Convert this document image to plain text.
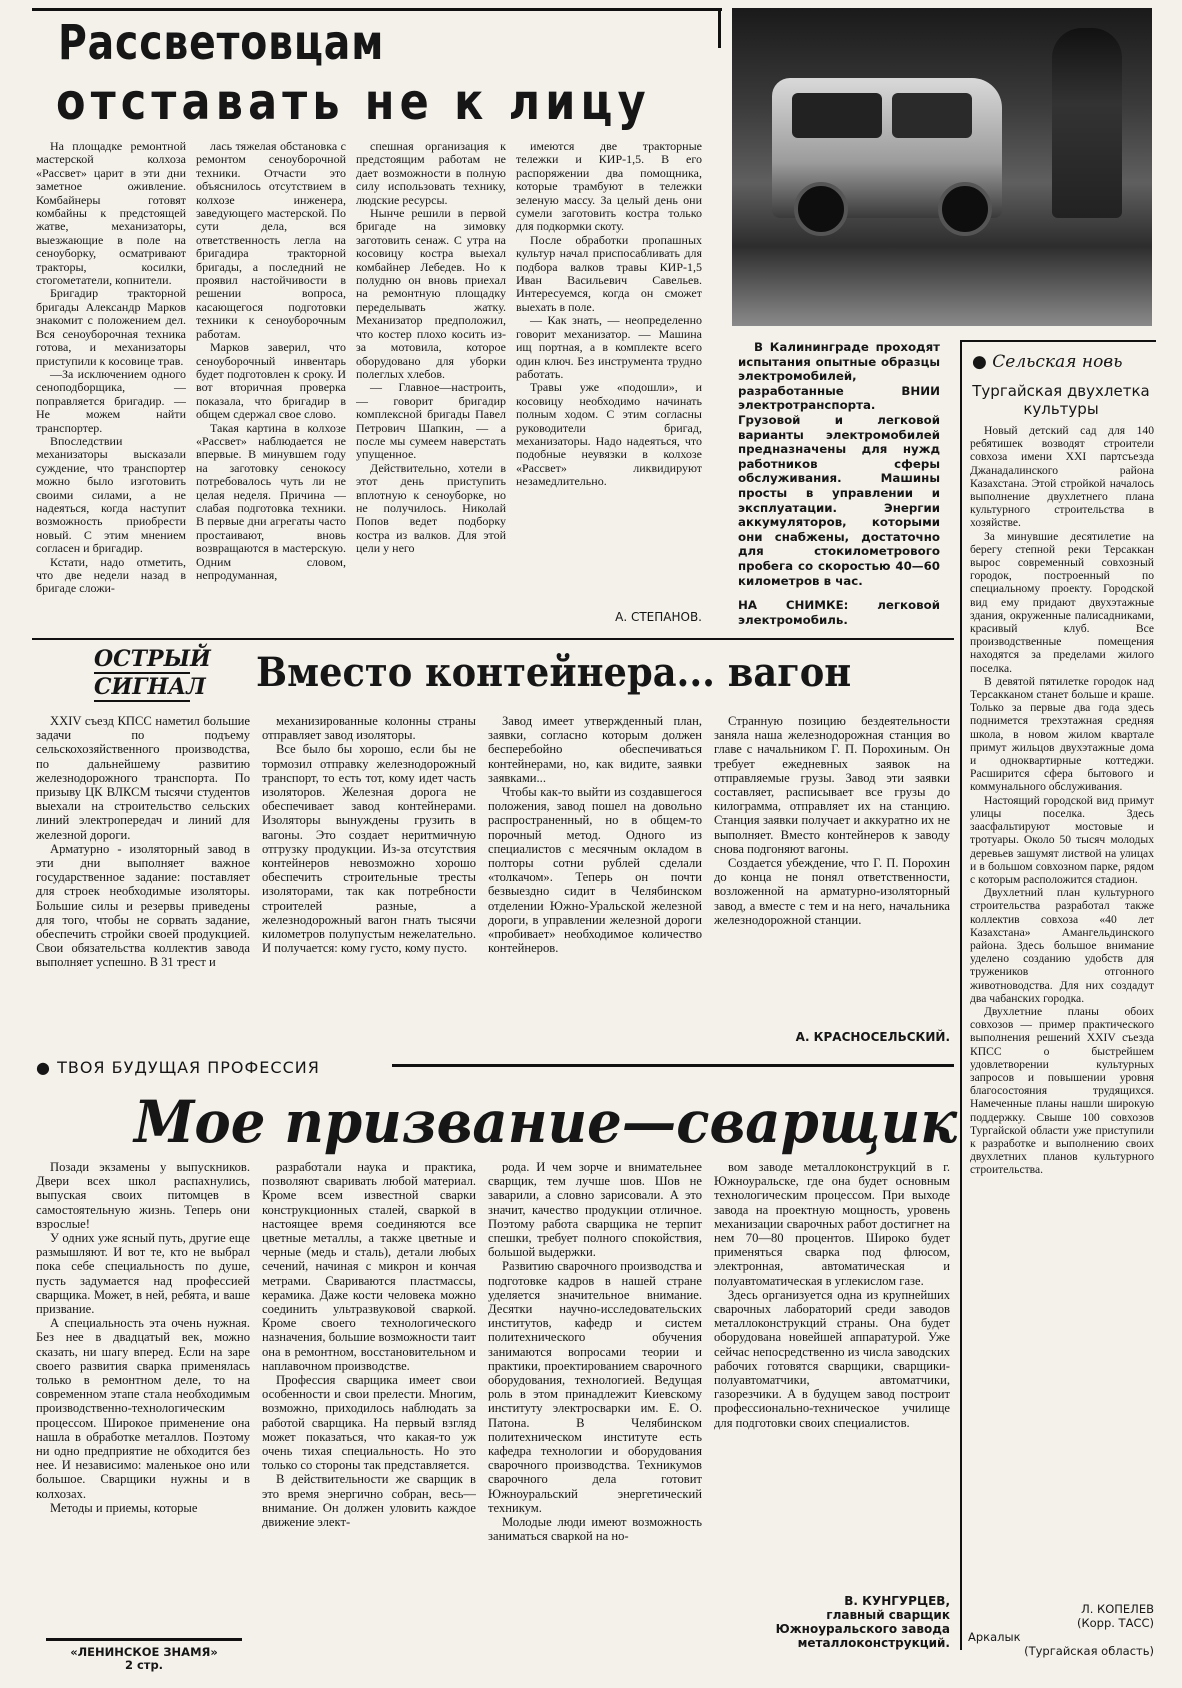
Рассветовцам
отставать не к лицу

На площадке ремонтной мастерской колхоза «Рассвет» царит в эти дни заметное оживление. Комбайнеры готовят комбайны к предстоящей жатве, механизаторы, выезжающие в поле на сеноуборку, осматривают тракторы, косилки, стогометатели, копнители.

Бригадир тракторной бригады Александр Марков знакомит с положением дел. Вся сеноуборочная техника готова, и механизаторы приступили к косовице трав.

—За исключением одного сеноподборщика, — поправляется бригадир. — Не можем найти транспортер.

Впоследствии механизаторы высказали суждение, что транспортер можно было изготовить своими силами, а не надеяться, когда наступит возможность приобрести новый. С этим мнением согласен и бригадир.

Кстати, надо отметить, что две недели назад в бригаде сложи-

лась тяжелая обстановка с ремонтом сеноуборочной техники. Отчасти это объяснилось отсутствием в колхозе инженера, заведующего мастерской. По сути дела, вся ответственность легла на бригадира тракторной бригады, а последний не проявил настойчивости в решении вопроса, касающегося подготовки техники к сеноуборочным работам.

Марков заверил, что сеноуборочный инвентарь будет подготовлен к сроку. И вот вторичная проверка показала, что бригадир в общем сдержал свое слово.

Такая картина в колхозе «Рассвет» наблюдается не впервые. В минувшем году на заготовку сенокосу потребовалось чуть ли не целая неделя. Причина — слабая подготовка техники. В первые дни агрегаты часто простаивают, вновь возвращаются в мастерскую. Одним словом, непродуманная,

спешная организация к предстоящим работам не дает возможности в полную силу использовать технику, людские ресурсы.

Нынче решили в первой бригаде на зимовку заготовить сенаж. С утра на косовицу костра выехал комбайнер Лебедев. Но к полудню он вновь приехал на ремонтную площадку переделывать жатку. Механизатор предположил, что костер плохо косить из-за мотовила, которое оборудовано для уборки полеглых хлебов.

— Главное—настроить, — говорит бригадир комплексной бригады Павел Петрович Шапкин, — а после мы сумеем наверстать упущенное.

Действительно, хотели в этот день приступить вплотную к сеноуборке, но не получилось. Николай Попов ведет подборку костра из валков. Для этой цели у него

имеются две тракторные тележки и КИР-1,5. В его распоряжении два помощника, которые трамбуют в тележки зеленую массу. За целый день они сумели заготовить костра только для подкормки скоту.

После обработки пропашных культур начал приспосабливать для подбора валков травы КИР-1,5 Иван Васильевич Савельев. Интересуемся, когда он сможет выехать в поле.

— Как знать, — неопределенно говорит механизатор. — Машина ищ портная, а в комплекте всего один ключ. Без инструмента трудно работать.

Травы уже «подошли», и косовицу необходимо начинать полным ходом. С этим согласны руководители бригад, механизаторы. Надо надеяться, что подобные неувязки в колхозе «Рассвет» ликвидируют незамедлительно.

А. СТЕПАНОВ.
В Калининграде проходят испытания опытные образцы электромобилей, разработанные ВНИИ электротранспорта. Грузовой и легковой варианты электромобилей предназначены для нужд работников сферы обслуживания. Машины просты в управлении и эксплуатации. Энергии аккумуляторов, которыми они снабжены, достаточно для стокилометрового пробега со скоростью 40—60 километров в час.
НА СНИМКЕ: легковой электромобиль.
● Сельская новь
Тургайская двухлетка культуры

Новый детский сад для 140 ребятишек возводят строители совхоза имени XXI партсъезда Джанадалинского района Казахстана. Этой стройкой началось выполнение двухлетнего плана культурного строительства в хозяйстве.

За минувшие десятилетие на берегу степной реки Терсаккан вырос современный совхозный городок, построенный по специальному проекту. Городской вид ему придают двухэтажные здания, окруженные палисадниками, красивый клуб. Все производственные помещения находятся за пределами жилого поселка.

В девятой пятилетке городок над Терсакканом станет больше и краше. Только за первые два года здесь поднимется трехэтажная средняя школа, в новом жилом квартале примут жильцов двухэтажные дома и одноквартирные коттеджи. Расширится сфера бытового и коммунального обслуживания.

Настоящий городской вид примут улицы поселка. Здесь заасфальтируют мостовые и тротуары. Около 50 тысяч молодых деревьев зашумят листвой на улицах и в большом совхозном парке, рядом с которым расположится стадион.

Двухлетний план культурного строительства разработал также коллектив совхоза «40 лет Казахстана» Амангельдинского района. Здесь большое внимание уделено созданию удобств для тружеников отгонного животноводства. Для них создадут два чабанских городка.

Двухлетние планы обоих совхозов — пример практического выполнения решений XXIV съезда КПСС о быстрейшем удовлетворении культурных запросов и повышении уровня благосостояния трудящихся. Намеченные планы нашли широкую поддержку. Свыше 100 совхозов Тургайской области уже приступили к разработке и выполнению своих двухлетних планов культурного строительства.

Л. КОПЕЛЕВ
(Корр. ТАСС)
Аркалык
(Тургайская область)
ОСТРЫЙ
СИГНАЛ Вместо контейнера... вагон

XXIV съезд КПСС наметил большие задачи по подъему сельскохозяйственного производства, по дальнейшему развитию железнодорожного транспорта. По призыву ЦК ВЛКСМ тысячи студентов выехали на строительство сельских линий электропередач и линий для железной дороги.

Арматурно - изоляторный завод в эти дни выполняет важное государственное задание: поставляет для строек необходимые изоляторы. Большие силы и резервы приведены для того, чтобы не сорвать задание, обеспечить стройки своей продукцией. Свои обязательства коллектив завода выполняет успешно. В 31 трест и

механизированные колонны страны отправляет завод изоляторы.

Все было бы хорошо, если бы не тормозил отправку железнодорожный транспорт, то есть тот, кому идет часть изоляторов. Железная дорога не обеспечивает завод контейнерами. Изоляторы вынуждены грузить в вагоны. Это создает неритмичную отгрузку продукции. Из-за отсутствия контейнеров невозможно хорошо обеспечить строительные тресты изоляторами, так как потребности строителей разные, а железнодорожный вагон гнать тысячи километров полупустым нежелательно. И получается: кому густо, кому пусто.

Завод имеет утвержденный план, заявки, согласно которым должен бесперебойно обеспечиваться контейнерами, но, как видите, заявки заявками...

Чтобы как-то выйти из создавшегося положения, завод пошел на довольно распространенный, но в общем-то порочный метод. Одного из специалистов с месячным окладом в полторы сотни рублей сделали «толкачом». Теперь он почти безвыездно сидит в Челябинском отделении Южно-Уральской железной дороги, в управлении железной дороги «пробивает» необходимое количество контейнеров.

Странную позицию бездеятельности заняла наша железнодорожная станция во главе с начальником Г. П. Порохиным. Он требует ежедневных заявок на отправляемые грузы. Завод эти заявки составляет, расписывает все грузы до килограмма, отправляет их на станцию. Станция заявки получает и аккуратно их не выполняет. Вместо контейнеров к заводу снова подгоняют вагоны.

Создается убеждение, что Г. П. Порохин до конца не понял ответственности, возложенной на арматурно-изоляторный завод, а вместе с тем и на него, начальника железнодорожной станции.

А. КРАСНОСЕЛЬСКИЙ.
● ТВОЯ БУДУЩАЯ ПРОФЕССИЯ
Мое призвание—сварщик

Позади экзамены у выпускников. Двери всех школ распахнулись, выпуская своих питомцев в самостоятельную жизнь. Теперь они взрослые!

У одних уже ясный путь, другие еще размышляют. И вот те, кто не выбрал пока себе специальность по душе, пусть задумается над профессией сварщика. Может, в ней, ребята, и ваше призвание.

А специальность эта очень нужная. Без нее в двадцатый век, можно сказать, ни шагу вперед. Если на заре своего развития сварка применялась только в ремонтном деле, то на современном этапе стала необходимым производственно-технологическим процессом. Широкое применение она нашла в обработке металлов. Поэтому ни одно предприятие не обходится без нее. И независимо: маленькое оно или большое. Сварщики нужны и в колхозах.

Методы и приемы, которые

разработали наука и практика, позволяют сваривать любой материал. Кроме всем известной сварки конструкционных сталей, сваркой в настоящее время соединяются все цветные металлы, а также цветные и черные (медь и сталь), детали любых сечений, начиная с микрон и кончая метрами. Свариваются пластмассы, керамика. Даже кости человека можно соединить ультразвуковой сваркой. Кроме своего технологического назначения, большие возможности таит она в ремонтном, восстановительном и наплавочном производстве.

Профессия сварщика имеет свои особенности и свои прелести. Многим, возможно, приходилось наблюдать за работой сварщика. На первый взгляд может показаться, что какая-то уж очень тихая специальность. Но это только со стороны так представляется.

В действительности же сварщик в это время энергично собран, весь—внимание. Он должен уловить каждое движение элект-

рода. И чем зорче и внимательнее сварщик, тем лучше шов. Шов не заварили, а словно зарисовали. А это значит, качество продукции отличное. Поэтому работа сварщика не терпит спешки, требует полного спокойствия, большой выдержки.

Развитию сварочного производства и подготовке кадров в нашей стране уделяется значительное внимание. Десятки научно-исследовательских институтов, кафедр и систем политехнического обучения занимаются вопросами теории и практики, проектированием сварочного оборудования, технологией. Ведущая роль в этом принадлежит Киевскому институту электросварки им. Е. О. Патона. В Челябинском политехническом институте есть кафедра технологии и оборудования сварочного производства. Техникумов сварочного дела готовит Южноуральский энергетический техникум.

Молодые люди имеют возможность заниматься сваркой на но-

вом заводе металлоконструкций в г. Южноуральске, где она будет основным технологическим процессом. При выходе завода на проектную мощность, уровень механизации сварочных работ достигнет на нем 70—80 процентов. Широко будет применяться сварка под флюсом, электронная, автоматическая и полуавтоматическая в углекислом газе.

Здесь организуется одна из крупнейших сварочных лабораторий среди заводов металлоконструкций страны. Она будет оборудована новейшей аппаратурой. Уже сейчас непосредственно из числа заводских рабочих готовятся сварщики, сварщики-полуавтоматчики, автоматчики, газорезчики. А в будущем завод построит профессионально-техническое училище для подготовки своих специалистов.

В. КУНГУРЦЕВ,
главный сварщик Южноуральского завода металлоконструкций.
«ЛЕНИНСКОЕ ЗНАМЯ»
2 стр.
